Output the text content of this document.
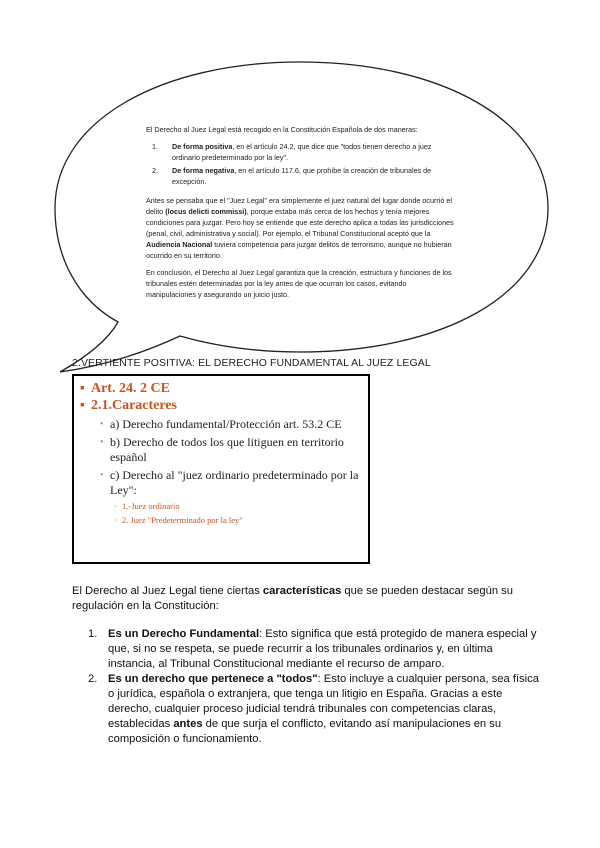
El Derecho al Juez Legal está recogido en la Constitución Española de dos maneras:

1. De forma positiva, en el artículo 24.2, que dice que "todos tienen derecho a juez ordinario predeterminado por la ley".
2. De forma negativa, en el artículo 117.6, que prohíbe la creación de tribunales de excepción.

Antes se pensaba que el "Juez Legal" era simplemente el juez natural del lugar donde ocurrió el delito (locus delicti commissi), porque estaba más cerca de los hechos y tenía mejores condiciones para juzgar. Pero hoy se entiende que este derecho aplica a todas las jurisdicciones (penal, civil, administrativa y social). Por ejemplo, el Tribunal Constitucional aceptó que la Audiencia Nacional tuviera competencia para juzgar delitos de terrorismo, aunque no hubieran ocurrido en su territorio.

En conclusión, el Derecho al Juez Legal garantiza que la creación, estructura y funciones de los tribunales estén determinadas por la ley antes de que ocurran los casos, evitando manipulaciones y asegurando un juicio justo.

2.VERTIENTE POSITIVA: EL DERECHO FUNDAMENTAL AL JUEZ LEGAL

▪ Art. 24. 2 CE

▪ 2.1.Caracteres

• a) Derecho fundamental/Protección art. 53.2 CE

• b) Derecho de todos los que litiguen en territorio español

• c) Derecho al "juez ordinario predeterminado por la Ley":

◦ 1.-Juez ordinario

◦ 2. Juez "Predeterminado por la ley"

El Derecho al Juez Legal tiene ciertas características que se pueden destacar según su regulación en la Constitución:
1. Es un Derecho Fundamental: Esto significa que está protegido de manera especial y que, si no se respeta, se puede recurrir a los tribunales ordinarios y, en última instancia, al Tribunal Constitucional mediante el recurso de amparo.
2. Es un derecho que pertenece a "todos": Esto incluye a cualquier persona, sea física o jurídica, española o extranjera, que tenga un litigio en España. Gracias a este derecho, cualquier proceso judicial tendrá tribunales con competencias claras, establecidas antes de que surja el conflicto, evitando así manipulaciones en su composición o funcionamiento.
